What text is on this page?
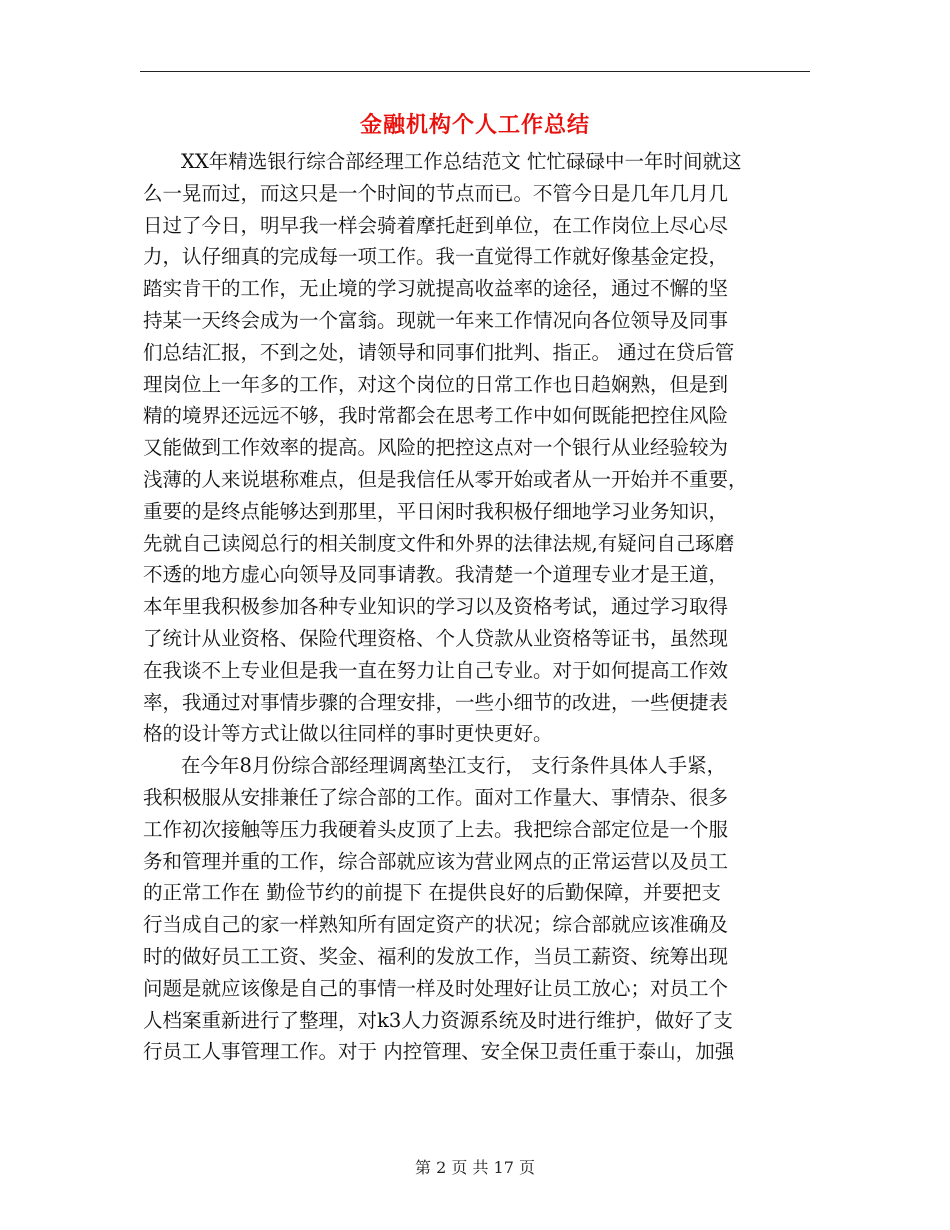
金融机构个人工作总结
XX年精选银行综合部经理工作总结范文 忙忙碌碌中一年时间就这
么一晃而过，而这只是一个时间的节点而已。不管今日是几年几月几
日过了今日，明早我一样会骑着摩托赶到单位，在工作岗位上尽心尽
力，认仔细真的完成每一项工作。我一直觉得工作就好像基金定投，
踏实肯干的工作，无止境的学习就提高收益率的途径，通过不懈的坚
持某一天终会成为一个富翁。现就一年来工作情况向各位领导及同事
们总结汇报，不到之处，请领导和同事们批判、指正。 通过在贷后管
理岗位上一年多的工作，对这个岗位的日常工作也日趋娴熟，但是到
精的境界还远远不够，我时常都会在思考工作中如何既能把控住风险
又能做到工作效率的提高。风险的把控这点对一个银行从业经验较为
浅薄的人来说堪称难点，但是我信任从零开始或者从一开始并不重要，
重要的是终点能够达到那里，平日闲时我积极仔细地学习业务知识，
先就自己读阅总行的相关制度文件和外界的法律法规,有疑问自己琢磨
不透的地方虚心向领导及同事请教。我清楚一个道理专业才是王道，
本年里我积极参加各种专业知识的学习以及资格考试，通过学习取得
了统计从业资格、保险代理资格、个人贷款从业资格等证书，虽然现
在我谈不上专业但是我一直在努力让自己专业。对于如何提高工作效
率，我通过对事情步骤的合理安排，一些小细节的改进，一些便捷表
格的设计等方式让做以往同样的事时更快更好。
在今年8月份综合部经理调离垫江支行， 支行条件具体人手紧，
我积极服从安排兼任了综合部的工作。面对工作量大、事情杂、很多
工作初次接触等压力我硬着头皮顶了上去。我把综合部定位是一个服
务和管理并重的工作，综合部就应该为营业网点的正常运营以及员工
的正常工作在 勤俭节约的前提下 在提供良好的后勤保障，并要把支
行当成自己的家一样熟知所有固定资产的状况；综合部就应该准确及
时的做好员工工资、奖金、福利的发放工作，当员工薪资、统筹出现
问题是就应该像是自己的事情一样及时处理好让员工放心；对员工个
人档案重新进行了整理，对k3人力资源系统及时进行维护，做好了支
行员工人事管理工作。对于 内控管理、安全保卫责任重于泰山，加强
第 2 页 共 17 页
